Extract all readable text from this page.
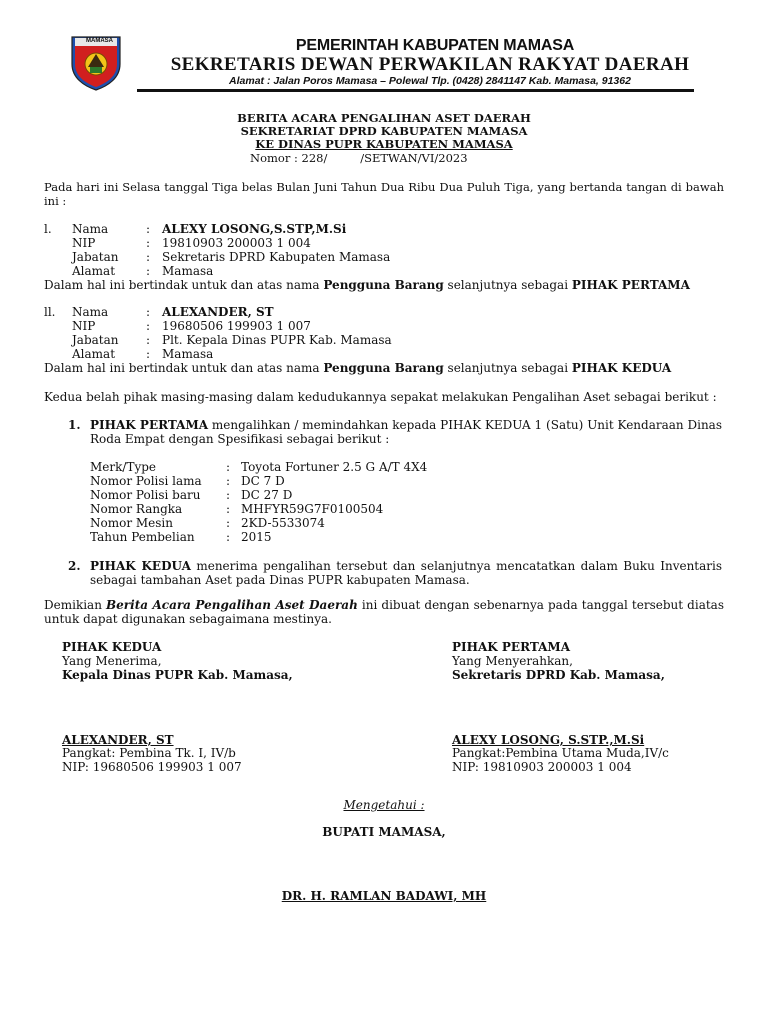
MAMASA	PEMERINTAH KABUPATEN MAMASA
SEKRETARIS DEWAN PERWAKILAN RAKYAT DAERAH
Alamat : Jalan Poros Mamasa – Polewal Tlp. (0428) 2841147 Kab. Mamasa, 91362
BERITA ACARA PENGALIHAN ASET DAERAH
SEKRETARIAT DPRD KABUPATEN MAMASA
KE DINAS PUPR KABUPATEN MAMASA
Nomor : 228/         /SETWAN/VI/2023
Pada hari ini Selasa tanggal Tiga belas Bulan Juni Tahun Dua Ribu Dua Puluh Tiga, yang bertanda tangan di bawah ini :
l. Nama
NIP
Jabatan
Alamat
:
:
:
:
ALEXY LOSONG,S.STP,M.Si
19810903 200003 1 004
Sekretaris DPRD Kabupaten Mamasa
Mamasa
Dalam hal ini bertindak untuk dan atas nama Pengguna Barang selanjutnya sebagai PIHAK PERTAMA
ll. Nama
NIP
Jabatan
Alamat
:
:
:
:
ALEXANDER, ST
19680506 199903 1 007
Plt. Kepala Dinas PUPR Kab. Mamasa
Mamasa
Dalam hal ini bertindak untuk dan atas nama Pengguna Barang selanjutnya sebagai PIHAK KEDUA
Kedua belah pihak masing-masing dalam kedudukannya sepakat melakukan Pengalihan Aset sebagai berikut :
1. PIHAK PERTAMA mengalihkan / memindahkan kepada PIHAK KEDUA 1 (Satu) Unit Kendaraan Dinas Roda Empat dengan Spesifikasi sebagai berikut :
Merk/Type
Nomor Polisi lama
Nomor Polisi baru
Nomor Rangka
Nomor Mesin
Tahun Pembelian
:
:
:
:
:
:
Toyota Fortuner 2.5 G A/T 4X4
DC 7 D
DC 27 D
MHFYR59G7F0100504
2KD-5533074
2015
2. PIHAK KEDUA menerima pengalihan tersebut dan selanjutnya mencatatkan dalam Buku Inventaris sebagai tambahan Aset pada Dinas PUPR kabupaten Mamasa.
Demikian Berita Acara Pengalihan Aset Daerah ini dibuat dengan sebenarnya pada tanggal tersebut diatas untuk dapat digunakan sebagaimana mestinya.
PIHAK KEDUA
Yang Menerima,
Kepala Dinas PUPR Kab. Mamasa,
ALEXANDER, ST
Pangkat: Pembina Tk. I, IV/b
NIP: 19680506 199903 1 007
PIHAK PERTAMA
Yang Menyerahkan,
Sekretaris DPRD Kab. Mamasa,
ALEXY LOSONG, S.STP.,M.Si
Pangkat:Pembina Utama Muda,IV/c
NIP: 19810903 200003 1 004
Mengetahui :
BUPATI MAMASA,
DR. H. RAMLAN BADAWI, MH
